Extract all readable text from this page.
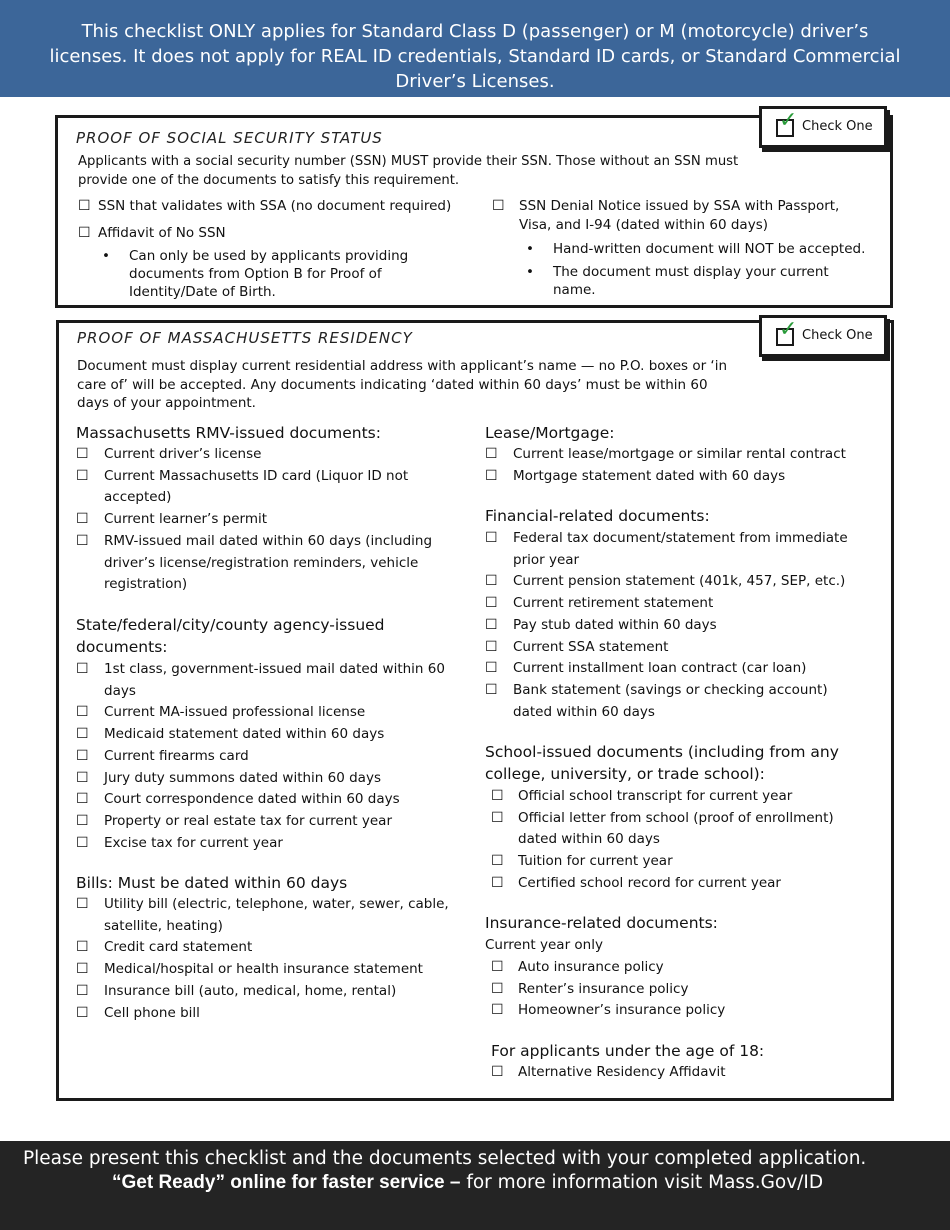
This checklist ONLY applies for Standard Class D (passenger) or M (motorcycle) driver’s licenses. It does not apply for REAL ID credentials, Standard ID cards, or Standard Commercial Driver’s Licenses.
✓ Check One
PROOF OF SOCIAL SECURITY STATUS
Applicants with a social security number (SSN) MUST provide their SSN. Those without an SSN must provide one of the documents to satisfy this requirement.
☐ SSN that validates with SSA (no document required)
☐ Affidavit of No SSN
• Can only be used by applicants providing documents from Option B for Proof of Identity/Date of Birth.
☐	SSN Denial Notice issued by SSA with Passport, Visa, and I-94 (dated within 60 days)
• Hand-written document will NOT be accepted.
• The document must display your current name.
✓ Check One
PROOF OF MASSACHUSETTS RESIDENCY
Document must display current residential address with applicant’s name — no P.O. boxes or ‘in care of’ will be accepted. Any documents indicating ‘dated within 60 days’ must be within 60 days of your appointment.
Massachusetts RMV-issued documents:
☐ Current driver’s license
☐ Current Massachusetts ID card (Liquor ID not accepted)
☐ Current learner’s permit
☐ RMV-issued mail dated within 60 days (including driver’s license/registration reminders, vehicle registration)
State/federal/city/county agency-issued documents:
☐ 1st class, government-issued mail dated within 60 days
☐ Current MA-issued professional license
☐ Medicaid statement dated within 60 days
☐ Current firearms card
☐ Jury duty summons dated within 60 days
☐ Court correspondence dated within 60 days
☐ Property or real estate tax for current year
☐ Excise tax for current year
Bills: Must be dated within 60 days
☐ Utility bill (electric, telephone, water, sewer, cable, satellite, heating)
☐ Credit card statement
☐ Medical/hospital or health insurance statement
☐ Insurance bill (auto, medical, home, rental)
☐ Cell phone bill
Lease/Mortgage:
☐ Current lease/mortgage or similar rental contract
☐ Mortgage statement dated with 60 days
Financial-related documents:
☐ Federal tax document/statement from immediate prior year
☐ Current pension statement (401k, 457, SEP, etc.)
☐ Current retirement statement
☐ Pay stub dated within 60 days
☐ Current SSA statement
☐ Current installment loan contract (car loan)
☐ Bank statement (savings or checking account) dated within 60 days
School-issued documents (including from any college, university, or trade school):
☐ Official school transcript for current year
☐ Official letter from school (proof of enrollment) dated within 60 days
☐ Tuition for current year
☐ Certified school record for current year
Insurance-related documents:
Current year only
☐ Auto insurance policy
☐ Renter’s insurance policy
☐ Homeowner’s insurance policy
For applicants under the age of 18:
☐ Alternative Residency Affidavit
Please present this checklist and the documents selected with your completed application.
“Get Ready” online for faster service – for more information visit Mass.Gov/ID
